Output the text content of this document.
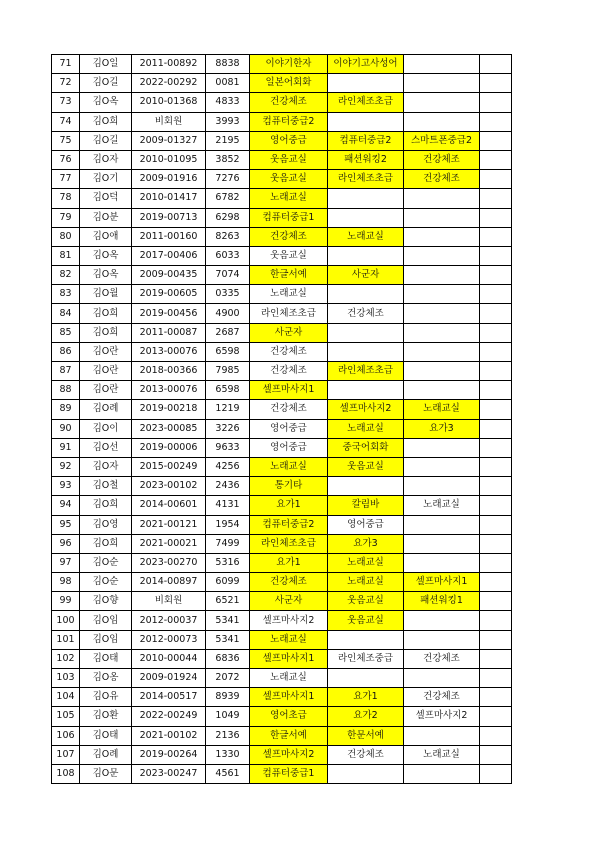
71	김O일	2011-00892	8838	이야기한자	이야기고사성어		
72	김O길	2022-00292	0081	일본어회화			
73	김O옥	2010-01368	4833	건강체조	라인체조초급		
74	김O희	비회원	3993	컴퓨터중급2			
75	김O길	2009-01327	2195	영어중급	컴퓨터중급2	스마트폰중급2	
76	김O자	2010-01095	3852	웃음교실	패션워킹2	건강체조	
77	김O기	2009-01916	7276	웃음교실	라인체조초급	건강체조	
78	김O덕	2010-01417	6782	노래교실			
79	김O분	2019-00713	6298	컴퓨터중급1			
80	김O애	2011-00160	8263	건강체조	노래교실		
81	김O옥	2017-00406	6033	웃음교실			
82	김O옥	2009-00435	7074	한글서예	사군자		
83	김O월	2019-00605	0335	노래교실			
84	김O희	2019-00456	4900	라인체조초급	건강체조		
85	김O희	2011-00087	2687	사군자			
86	김O란	2013-00076	6598	건강체조			
87	김O란	2018-00366	7985	건강체조	라인체조초급		
88	김O란	2013-00076	6598	셀프마사지1			
89	김O례	2019-00218	1219	건강체조	셀프마사지2	노래교실	
90	김O이	2023-00085	3226	영어중급	노래교실	요가3	
91	김O선	2019-00006	9633	영어중급	중국어회화		
92	김O자	2015-00249	4256	노래교실	웃음교실		
93	김O철	2023-00102	2436	통기타			
94	김O희	2014-00601	4131	요가1	칼림바	노래교실	
95	김O영	2021-00121	1954	컴퓨터중급2	영어중급		
96	김O희	2021-00021	7499	라인체조초급	요가3		
97	김O순	2023-00270	5316	요가1	노래교실		
98	김O순	2014-00897	6099	건강체조	노래교실	셀프마사지1	
99	김O향	비회원	6521	사군자	웃음교실	패션워킹1	
100	김O임	2012-00037	5341	셀프마사지2	웃음교실		
101	김O임	2012-00073	5341	노래교실			
102	김O태	2010-00044	6836	셀프마사지1	라인체조중급	건강체조	
103	김O옹	2009-01924	2072	노래교실			
104	김O유	2014-00517	8939	셀프마사지1	요가1	건강체조	
105	김O환	2022-00249	1049	영어초급	요가2	셀프마사지2	
106	김O태	2021-00102	2136	한글서예	한문서예		
107	김O례	2019-00264	1330	셀프마사지2	건강체조	노래교실	
108	김O문	2023-00247	4561	컴퓨터중급1			
